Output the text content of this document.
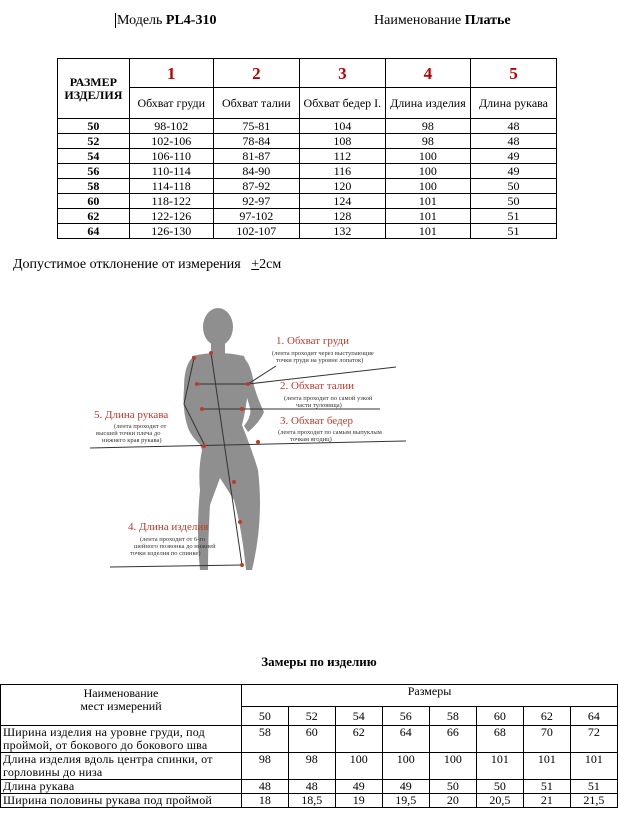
Модель PL4-310	Наименование Платье
РАЗМЕР ИЗДЕЛИЯ	1	2	3	4	5
	Обхват груди	Обхват талии	Обхват бедер I.	Длина изделия	Длина рукава
50	98-102	75-81	104	98	48
52	102-106	78-84	108	98	48
54	106-110	81-87	112	100	49
56	110-114	84-90	116	100	49
58	114-118	87-92	120	100	50
60	118-122	92-97	124	101	50
62	122-126	97-102	128	101	51
64	126-130	102-107	132	101	51
Допустимое отклонение от измерения +2см
1. Обхват груди
(лента проходит через выступающие
точки груди на уровне лопаток)
2. Обхват талии
(лента проходит по самой узкой
части туловища)
3. Обхват бедер
(лента проходит по самым выпуклым
точкам ягодиц)
4. Длина изделия
(лента проходит от 6-го
шейного позвонка до нижней
точки изделия по спинке)
5. Длина рукава
(лента проходит от
высшей точки плеча до
нижнего края рукава)
Замеры по изделию
Наименование
мест измерений	Размеры							
	50	52	54	56	58	60	62	64
Ширина изделия на уровне груди, под проймой, от бокового до бокового шва	58	60	62	64	66	68	70	72
Длина изделия вдоль центра спинки, от горловины до низа	98	98	100	100	100	101	101	101
Длина рукава	48	48	49	49	50	50	51	51
Ширина половины рукава под проймой	18	18,5	19	19,5	20	20,5	21	21,5
